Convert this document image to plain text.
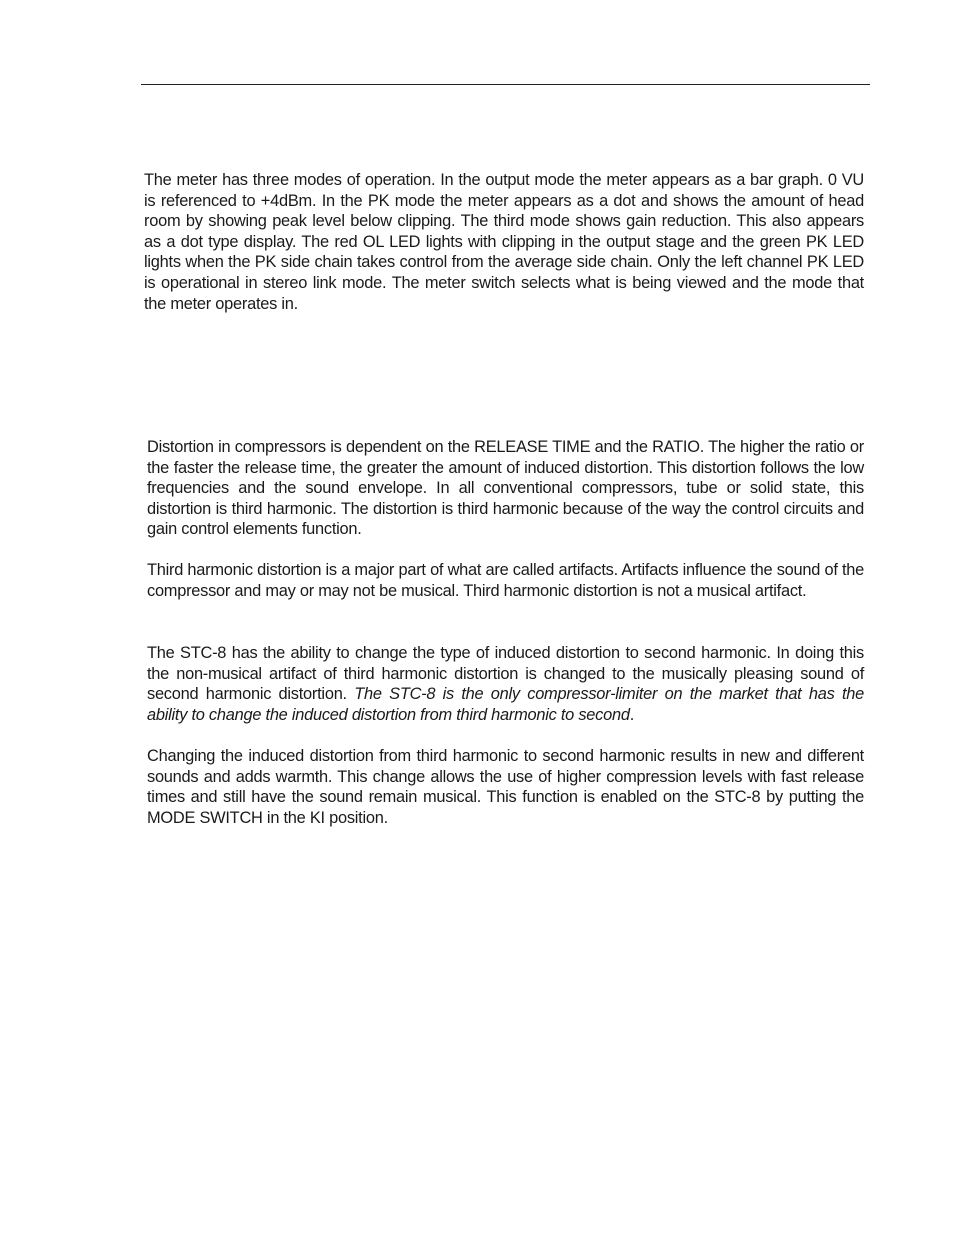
The meter has three modes of operation. In the output mode the meter appears as a bar graph. 0 VU is referenced to +4dBm. In the PK mode the meter appears as a dot and shows the amount of head room by showing peak level below clipping. The third mode shows gain reduction. This also appears as a dot type display. The red OL LED lights with clipping in the output stage and the green PK LED lights when the PK side chain takes control from the average side chain. Only the left channel PK LED is operational in stereo link mode. The meter switch selects what is being viewed and the mode that the meter operates in.

Distortion in compressors is dependent on the RELEASE TIME and the RATIO. The higher the ratio or the faster the release time, the greater the amount of induced distortion. This distortion follows the low frequencies and the sound envelope. In all conventional compressors, tube or solid state, this distortion is third harmonic. The distortion is third harmonic because of the way the control circuits and gain control elements function.

Third harmonic distortion is a major part of what are called artifacts. Artifacts influence the sound of the compressor and may or may not be musical. Third harmonic distortion is not a musical artifact.

The STC-8 has the ability to change the type of induced distortion to second harmonic. In doing this the non-musical artifact of third harmonic distortion is changed to the musically pleasing sound of second harmonic distortion. The STC-8 is the only compressor-limiter on the market that has the ability to change the induced distortion from third harmonic to second.

Changing the induced distortion from third harmonic to second harmonic results in new and different sounds and adds warmth. This change allows the use of higher compression levels with fast release times and still have the sound remain musical. This function is enabled on the STC-8 by putting the MODE SWITCH in the KI position.
